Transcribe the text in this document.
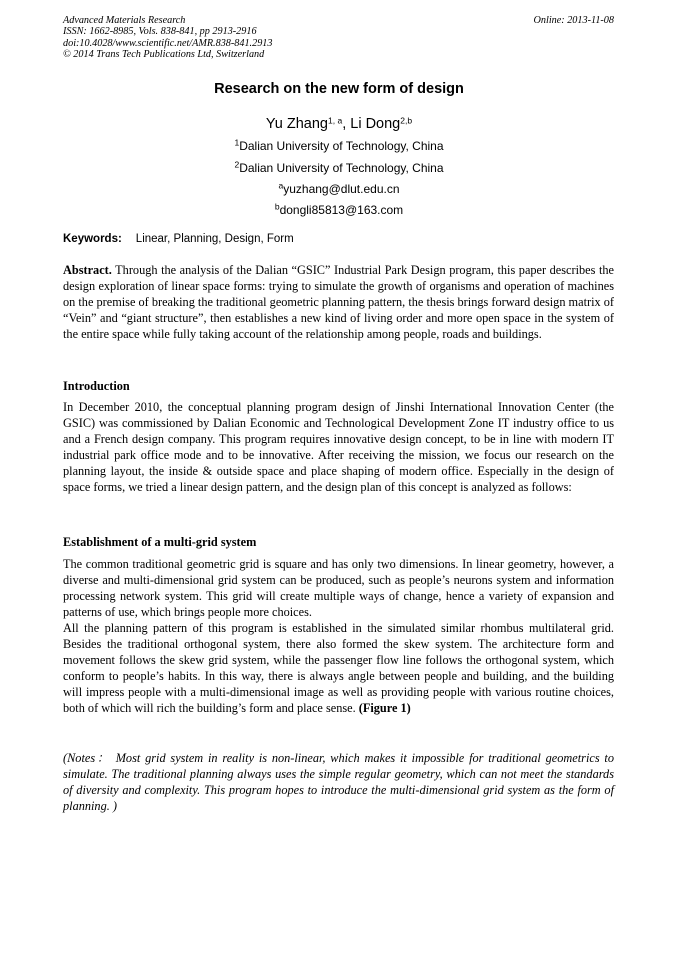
Advanced Materials Research
ISSN: 1662-8985, Vols. 838-841, pp 2913-2916
doi:10.4028/www.scientific.net/AMR.838-841.2913
© 2014 Trans Tech Publications Ltd, Switzerland
Online: 2013-11-08
Research on the new form of design
Yu Zhang$^{1, a}$, Li Dong$^{2,b}$
$^1$Dalian University of Technology, China
$^2$Dalian University of Technology, China
$^a$yuzhang@dlut.edu.cn
$^b$dongli85813@163.com
Keywords: Linear, Planning, Design, Form
Abstract. Through the analysis of the Dalian “GSIC” Industrial Park Design program, this paper describes the design exploration of linear space forms: trying to simulate the growth of organisms and operation of machines on the premise of breaking the traditional geometric planning pattern, the thesis brings forward design matrix of “Vein” and “giant structure”, then establishes a new kind of living order and more open space in the system of the entire space while fully taking account of the relationship among people, roads and buildings.
Introduction
In December 2010, the conceptual planning program design of Jinshi International Innovation Center (the GSIC) was commissioned by Dalian Economic and Technological Development Zone IT industry office to us and a French design company. This program requires innovative design concept, to be in line with modern IT industrial park office mode and to be innovative. After receiving the mission, we focus our research on the planning layout, the inside & outside space and place shaping of modern office. Especially in the design of space forms, we tried a linear design pattern, and the design plan of this concept is analyzed as follows:
Establishment of a multi-grid system
The common traditional geometric grid is square and has only two dimensions. In linear geometry, however, a diverse and multi-dimensional grid system can be produced, such as people’s neurons system and information processing network system. This grid will create multiple ways of change, hence a variety of expansion and patterns of use, which brings people more choices.
All the planning pattern of this program is established in the simulated similar rhombus multilateral grid. Besides the traditional orthogonal system, there also formed the skew system. The architecture form and movement follows the skew grid system, while the passenger flow line follows the orthogonal system, which conform to people’s habits. In this way, there is always angle between people and building, and the building will impress people with a multi-dimensional image as well as providing people with various routine choices, both of which will rich the building’s form and place sense. (Figure 1)
(Notes： Most grid system in reality is non-linear, which makes it impossible for traditional geometrics to simulate. The traditional planning always uses the simple regular geometry, which can not meet the standards of diversity and complexity. This program hopes to introduce the multi-dimensional grid system as the form of planning. )
